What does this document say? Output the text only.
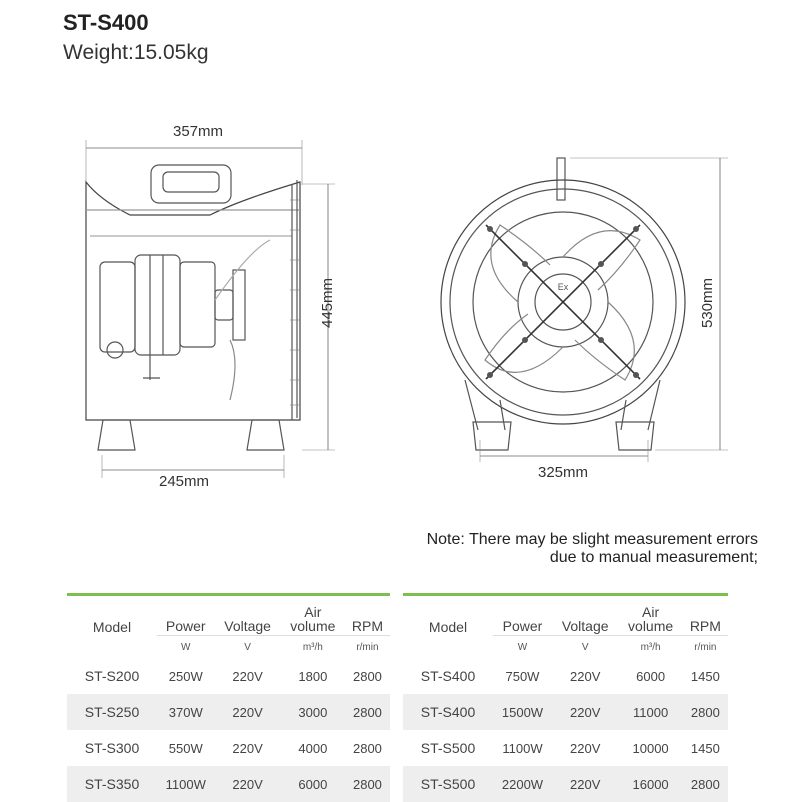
ST-S400
Weight:15.05kg
Ex
357mm
245mm
445mm
325mm
530mm
Note: There may be slight measurement errors
due to manual measurement;

Model	Power	Voltage	Air
volume	RPM
	W	V	m³/h	r/min
ST-S200	250W	220V	1800	2800
ST-S250	370W	220V	3000	2800
ST-S300	550W	220V	4000	2800
ST-S350	1100W	220V	6000	2800

Model	Power	Voltage	Air
volume	RPM
	W	V	m³/h	r/min
ST-S400	750W	220V	6000	1450
ST-S400	1500W	220V	11000	2800
ST-S500	1100W	220V	10000	1450
ST-S500	2200W	220V	16000	2800
